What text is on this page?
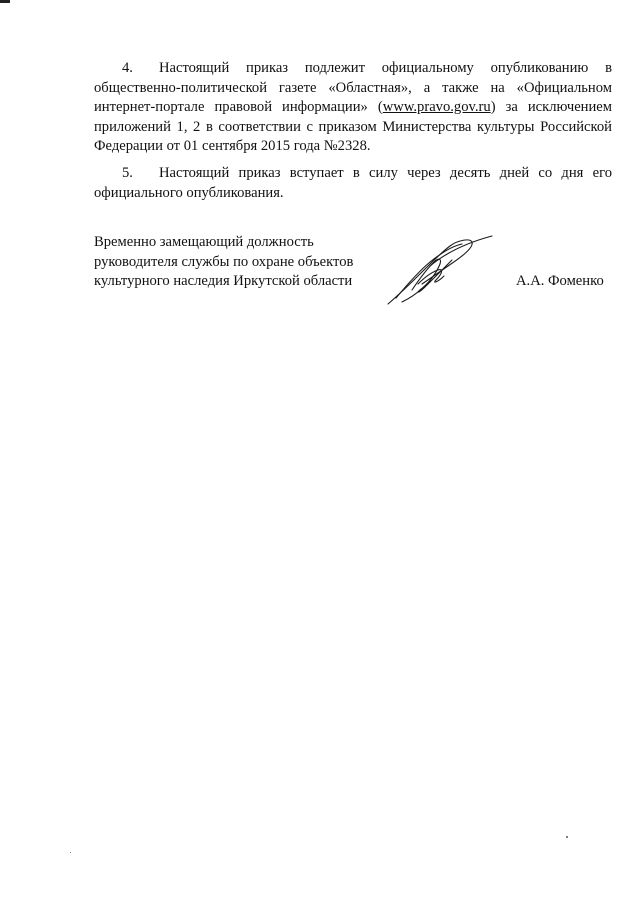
4. Настоящий приказ подлежит официальному опубликованию в общественно-политической газете «Областная», а также на «Официальном интернет-портале правовой информации» (www.pravo.gov.ru) за исключением приложений 1, 2 в соответствии с приказом Министерства культуры Российской Федерации от 01 сентября 2015 года №2328.

5. Настоящий приказ вступает в силу через десять дней со дня его официального опубликования.

Временно замещающий должность
руководителя службы по охране объектов
культурного наследия Иркутской области	А.А. Фоменко
